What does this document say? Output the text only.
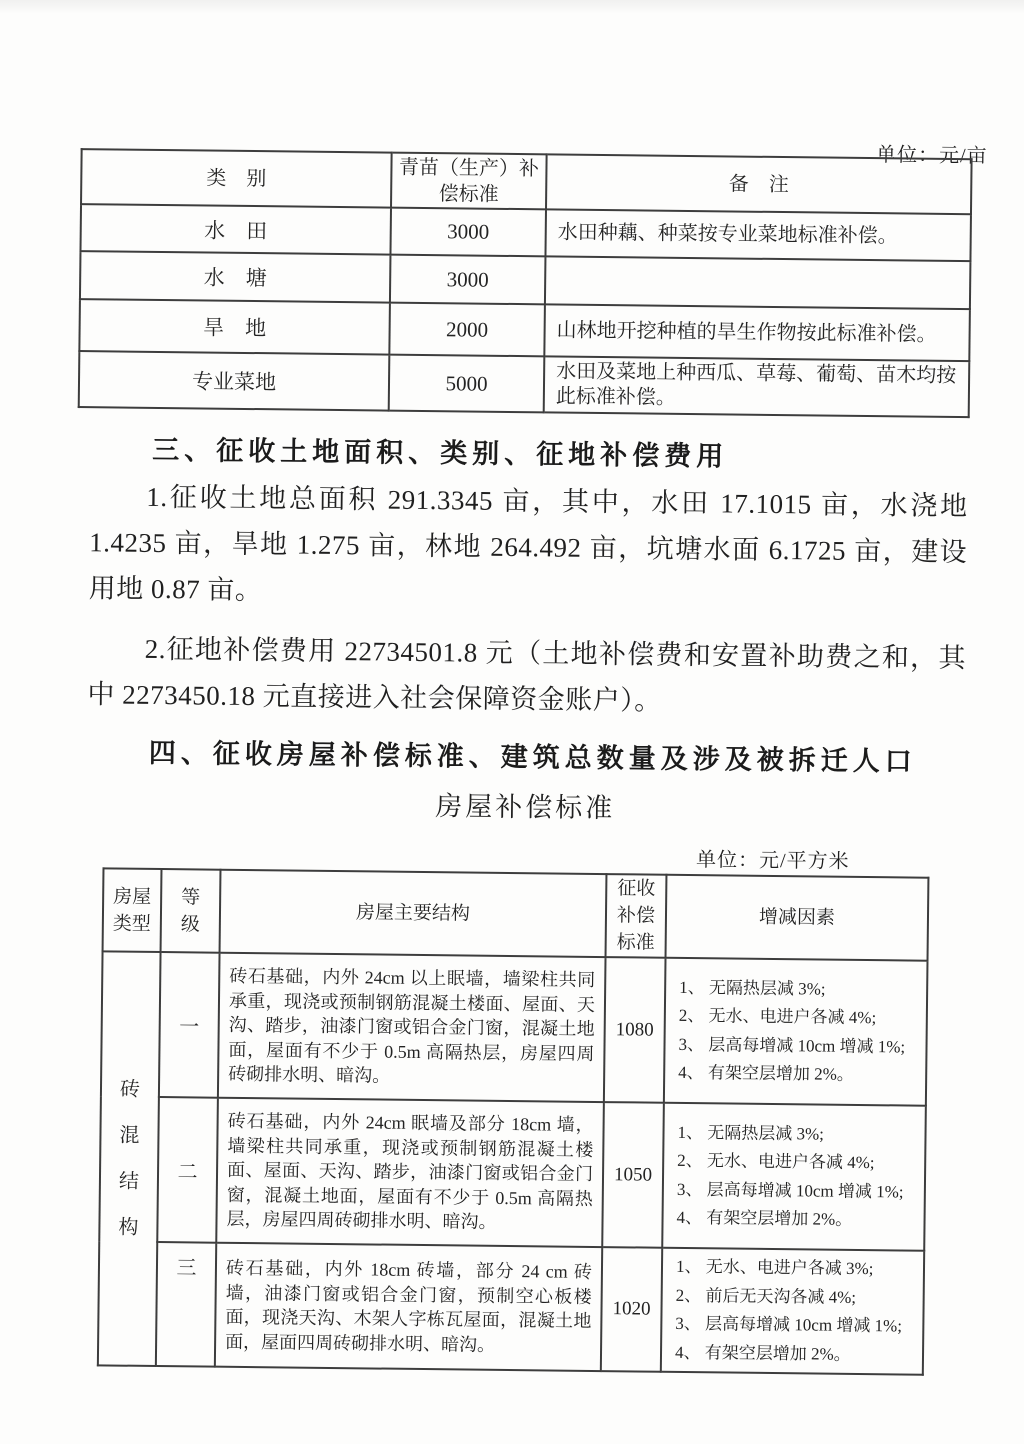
单位：元/亩
类　别	青苗（生产）补偿标准	备　注
水　田	3000	水田种藕、种菜按专业菜地标准补偿。
水　塘	3000	
旱　地	2000	山林地开挖种植的旱生作物按此标准补偿。
专业菜地	5000	水田及菜地上种西瓜、草莓、葡萄、苗木均按此标准补偿。
三、征收土地面积、类别、征地补偿费用

1.征收土地总面积 291.3345 亩，其中，水田 17.1015 亩，水浇地 1.4235 亩，旱地 1.275 亩，林地 264.492 亩，坑塘水面 6.1725 亩，建设用地 0.87 亩。

2.征地补偿费用 22734501.8 元（土地补偿费和安置补助费之和，其中 2273450.18 元直接进入社会保障资金账户）。

四、征收房屋补偿标准、建筑总数量及涉及被拆迁人口
房屋补偿标准
单位：元/平方米
房屋
类型	等
级	房屋主要结构	征收
补偿
标准	增减因素
砖
混
结
构	一	砖石基础，内外 24cm 以上眠墙，墙梁柱共同承重，现浇或预制钢筋混凝土楼面、屋面、天沟、踏步，油漆门窗或铝合金门窗，混凝土地面，屋面有不少于 0.5m 高隔热层，房屋四周砖砌排水明、暗沟。	1080	1、 无隔热层减 3%;
2、 无水、电进户各减 4%;
3、 层高每增减 10cm 增减 1%;
4、 有架空层增加 2%。
	二	砖石基础，内外 24cm 眠墙及部分 18cm 墙，墙梁柱共同承重，现浇或预制钢筋混凝土楼面、屋面、天沟、踏步，油漆门窗或铝合金门窗，混凝土地面，屋面有不少于 0.5m 高隔热层，房屋四周砖砌排水明、暗沟。	1050	1、 无隔热层减 3%;
2、 无水、电进户各减 4%;
3、 层高每增减 10cm 增减 1%;
4、 有架空层增加 2%。
	三	砖石基础，内外 18cm 砖墙，部分 24 cm 砖墙，油漆门窗或铝合金门窗，预制空心板楼面，现浇天沟、木架人字栋瓦屋面，混凝土地面，屋面四周砖砌排水明、暗沟。	1020	1、 无水、电进户各减 3%;
2、 前后无天沟各减 4%;
3、 层高每增减 10cm 增减 1%;
4、 有架空层增加 2%。
